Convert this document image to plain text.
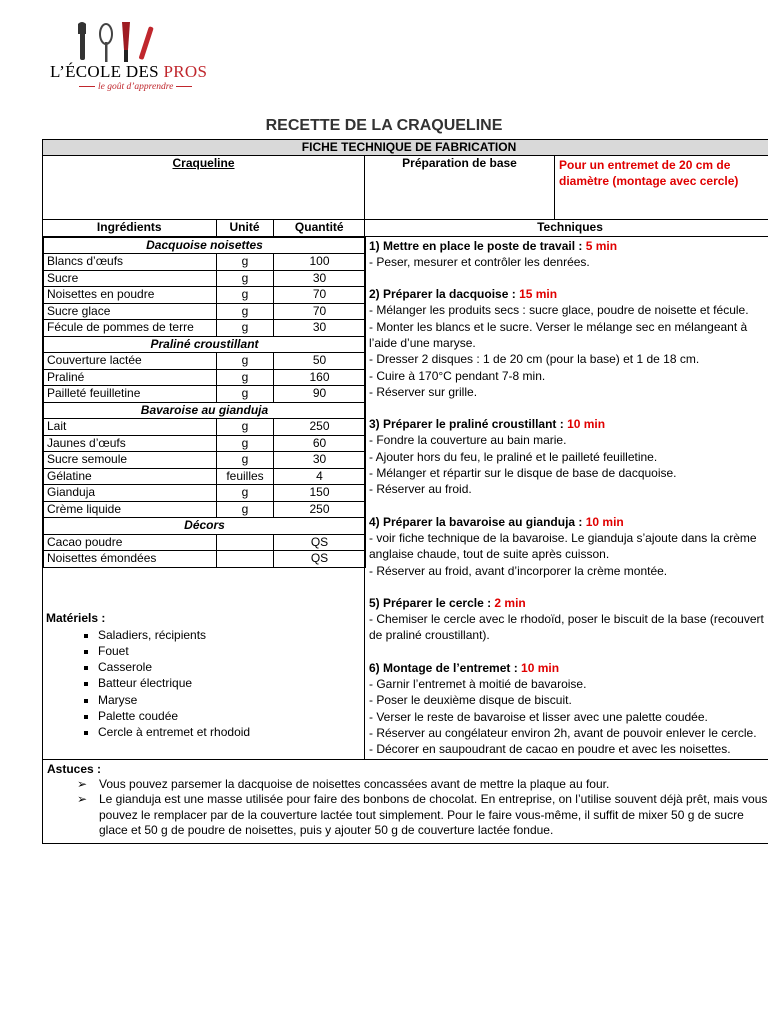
L’ÉCOLE DES PROS
le goût d’apprendre
RECETTE DE LA CRAQUELINE
FICHE TECHNIQUE DE FABRICATION
Craqueline	Préparation de base	Pour un entremet de 20 cm de diamètre (montage avec cercle)

Ingrédients	Unité	Quantité
		Techniques

Dacquoise noisettes
Blancs d’œufs	g	100
Sucre	g	30
Noisettes en poudre	g	70
Sucre glace	g	70
Fécule de pommes de terre	g	30
Praliné croustillant
Couverture lactée	g	50
Praliné	g	160
Pailleté feuilletine	g	90
Bavaroise au gianduja
Lait	g	250
Jaunes d’œufs	g	60
Sucre semoule	g	30
Gélatine	feuilles	4
Gianduja	g	150
Crème liquide	g	250
Décors
Cacao poudre		QS
Noisettes émondées		QS

1) Mettre en place le poste de travail : 5 min

- Peser, mesurer et contrôler les denrées.

2) Préparer la dacquoise : 15 min

- Mélanger les produits secs : sucre glace, poudre de noisette et fécule.

- Monter les blancs et le sucre. Verser le mélange sec en mélangeant à l’aide d’une maryse.

- Dresser 2 disques : 1 de 20 cm (pour la base) et 1 de 18 cm.

- Cuire à 170°C pendant 7-8 min.

- Réserver sur grille.

3) Préparer le praliné croustillant : 10 min

- Fondre la couverture au bain marie.

- Ajouter hors du feu, le praliné et le pailleté feuilletine.

- Mélanger et répartir sur le disque de base de dacquoise.

- Réserver au froid.

4) Préparer la bavaroise au gianduja : 10 min

- voir fiche technique de la bavaroise. Le gianduja s’ajoute dans la crème anglaise chaude, tout de suite après cuisson.

- Réserver au froid, avant d’incorporer la crème montée.

5) Préparer le cercle : 2 min

- Chemiser le cercle avec le rhodoïd, poser le biscuit de la base (recouvert de praliné croustillant).

6) Montage de l’entremet : 10 min

- Garnir l’entremet à moitié de bavaroise.

- Poser le deuxième disque de biscuit.

- Verser le reste de bavaroise et lisser avec une palette coudée.

- Réserver au congélateur environ 2h, avant de pouvoir enlever le cercle.

- Décorer en saupoudrant de cacao en poudre et avec les noisettes.

Matériels :
▪ Saladiers, récipients
▪ Fouet
▪ Casserole
▪ Batteur électrique
▪ Maryse
▪ Palette coudée
▪ Cercle à entremet et rhodoid

Astuces :
➢ Vous pouvez parsemer la dacquoise de noisettes concassées avant de mettre la plaque au four.
➢ Le gianduja est une masse utilisée pour faire des bonbons de chocolat. En entreprise, on l’utilise souvent déjà prêt, mais vous pouvez le remplacer par de la couverture lactée tout simplement. Pour le faire vous-même, il suffit de mixer 50 g de sucre glace et 50 g de poudre de noisettes, puis y ajouter 50 g de couverture lactée fondue.
